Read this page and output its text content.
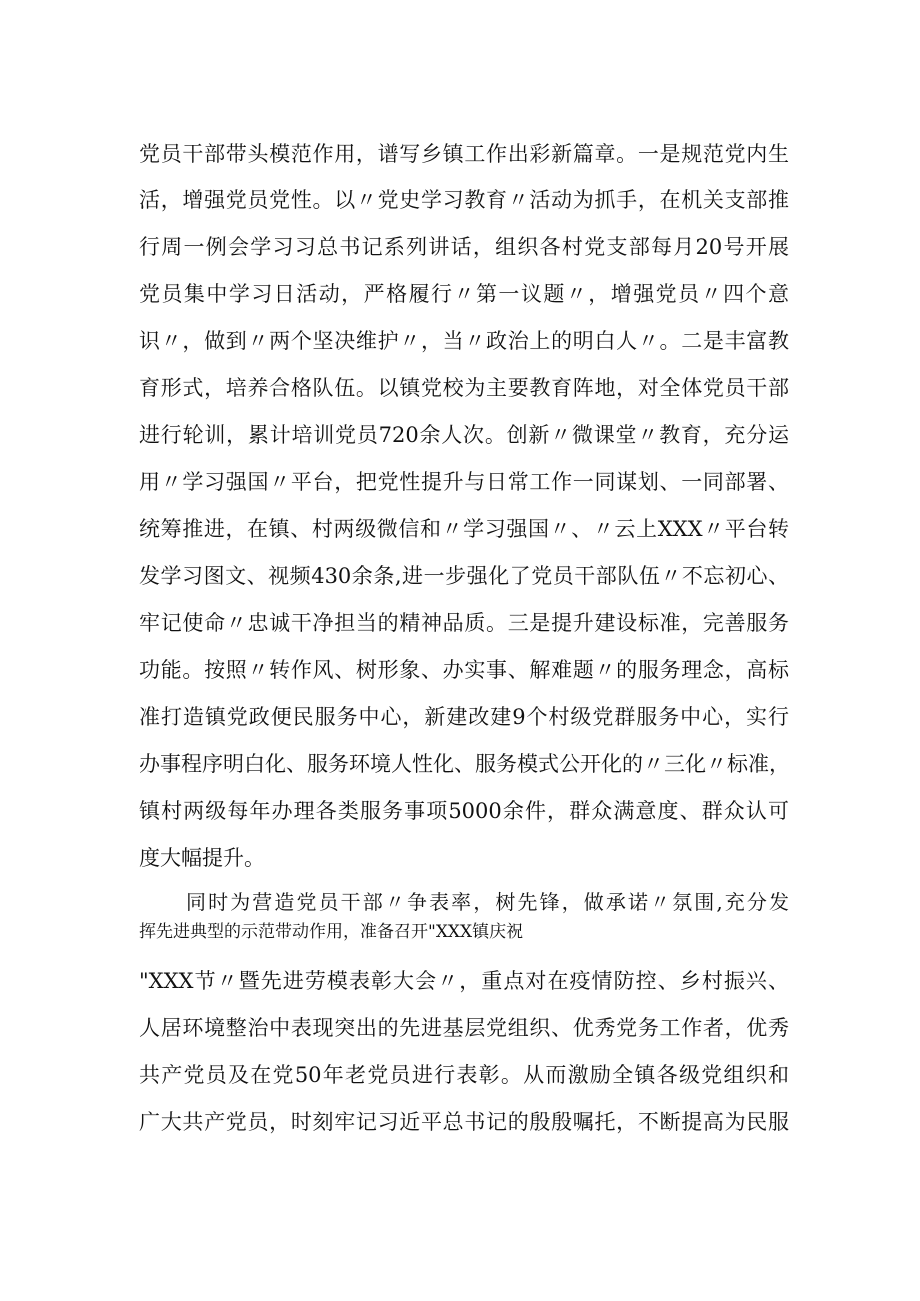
党员干部带头模范作用，谱写乡镇工作出彩新篇章。一是规范党内生
活，增强党员党性。以〃党史学习教育〃活动为抓手，在机关支部推
行周一例会学习习总书记系列讲话，组织各村党支部每月20号开展
党员集中学习日活动，严格履行〃第一议题〃，增强党员〃四个意
识〃，做到〃两个坚决维护〃，当〃政治上的明白人〃。二是丰富教
育形式，培养合格队伍。以镇党校为主要教育阵地，对全体党员干部
进行轮训，累计培训党员720余人次。创新〃微课堂〃教育，充分运
用〃学习强国〃平台，把党性提升与日常工作一同谋划、一同部署、
统筹推进，在镇、村两级微信和〃学习强国〃、〃云上XXX〃平台转
发学习图文、视频430余条,进一步强化了党员干部队伍〃不忘初心、
牢记使命〃忠诚干净担当的精神品质。三是提升建设标准，完善服务
功能。按照〃转作风、树形象、办实事、解难题〃的服务理念，高标
准打造镇党政便民服务中心，新建改建9个村级党群服务中心，实行
办事程序明白化、服务环境人性化、服务模式公开化的〃三化〃标准，
镇村两级每年办理各类服务事项5000余件，群众满意度、群众认可
度大幅提升。
同时为营造党员干部〃争表率，树先锋，做承诺〃氛围,充分发
挥先进典型的示范带动作用，准备召开"XXX镇庆祝
"XXX节〃暨先进劳模表彰大会〃，重点对在疫情防控、乡村振兴、
人居环境整治中表现突出的先进基层党组织、优秀党务工作者，优秀
共产党员及在党50年老党员进行表彰。从而激励全镇各级党组织和
广大共产党员，时刻牢记习近平总书记的殷殷嘱托，不断提高为民服
